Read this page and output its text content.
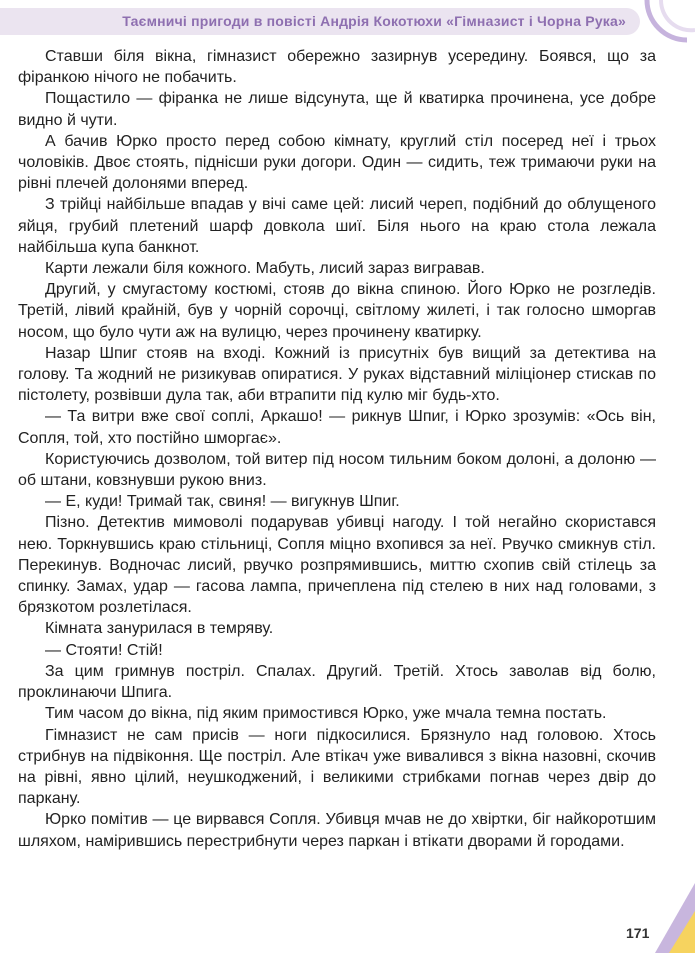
Таємничі пригоди в повісті Андрія Кокотюхи «Гімназист і Чорна Рука»

Ставши біля вікна, гімназист обережно зазирнув усередину. Боявся, що за фіранкою нічого не побачить.

Пощастило — фіранка не лише відсунута, ще й кватирка прочинена, усе добре видно й чути.

А бачив Юрко просто перед собою кімнату, круглий стіл посеред неї і трьох чоловіків. Двоє стоять, піднісши руки догори. Один — сидить, теж тримаючи руки на рівні плечей долонями вперед.

З трійці найбільше впадав у вічі саме цей: лисий череп, подібний до облущеного яйця, грубий плетений шарф довкола шиї. Біля нього на краю стола лежала найбільша купа банкнот.

Карти лежали біля кожного. Мабуть, лисий зараз вигравав.

Другий, у смугастому костюмі, стояв до вікна спиною. Його Юрко не розгледів. Третій, лівий крайній, був у чорній сорочці, світлому жилеті, і так голосно шморгав носом, що було чути аж на вулицю, через прочинену кватирку.

Назар Шпиг стояв на вході. Кожний із присутніх був вищий за детектива на голову. Та жодний не ризикував опиратися. У руках відставний міліціонер стискав по пістолету, розвівши дула так, аби втрапити під кулю міг будь-хто.

— Та витри вже свої соплі, Аркашо! — рикнув Шпиг, і Юрко зрозумів: «Ось він, Сопля, той, хто постійно шморгає».

Користуючись дозволом, той витер під носом тильним боком долоні, а долоню — об штани, ковзнувши рукою вниз.

— Е, куди! Тримай так, свиня! — вигукнув Шпиг.

Пізно. Детектив мимоволі подарував убивці нагоду. І той негайно скористався нею. Торкнувшись краю стільниці, Сопля міцно вхопився за неї. Рвучко смикнув стіл. Перекинув. Водночас лисий, рвучко розпрямившись, миттю схопив свій стілець за спинку. Замах, удар — гасова лампа, причеплена під стелею в них над головами, з брязкотом розлетілася.

Кімната занурилася в темряву.

— Стояти! Стій!

За цим гримнув постріл. Спалах. Другий. Третій. Хтось заволав від болю, проклинаючи Шпига.

Тим часом до вікна, під яким примостився Юрко, уже мчала темна постать.

Гімназист не сам присів — ноги підкосилися. Брязнуло над головою. Хтось стрибнув на підвіконня. Ще постріл. Але втікач уже вивалився з вікна назовні, скочив на рівні, явно цілий, неушкоджений, і великими стрибками погнав через двір до паркану.

Юрко помітив — це вирвався Сопля. Убивця мчав не до хвіртки, біг найкоротшим шляхом, намірившись перестрибнути через паркан і втікати дворами й городами.

171
